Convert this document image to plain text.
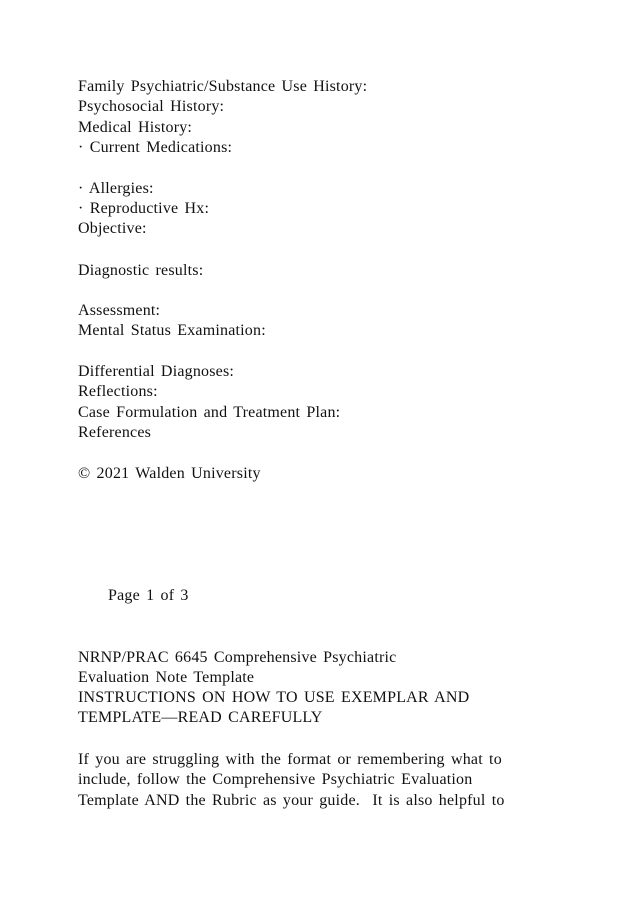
Family Psychiatric/Substance Use History:
Psychosocial History:
Medical History:
· Current Medications:
· Allergies:
· Reproductive Hx:
Objective:
Diagnostic results:
Assessment:
Mental Status Examination:
Differential Diagnoses:
Reflections:
Case Formulation and Treatment Plan:
References
© 2021 Walden University
Page 1 of 3
NRNP/PRAC 6645 Comprehensive Psychiatric
Evaluation Note Template
INSTRUCTIONS ON HOW TO USE EXEMPLAR AND
TEMPLATE—READ CAREFULLY
If you are struggling with the format or remembering what to
include, follow the Comprehensive Psychiatric Evaluation
Template AND the Rubric as your guide.  It is also helpful to
